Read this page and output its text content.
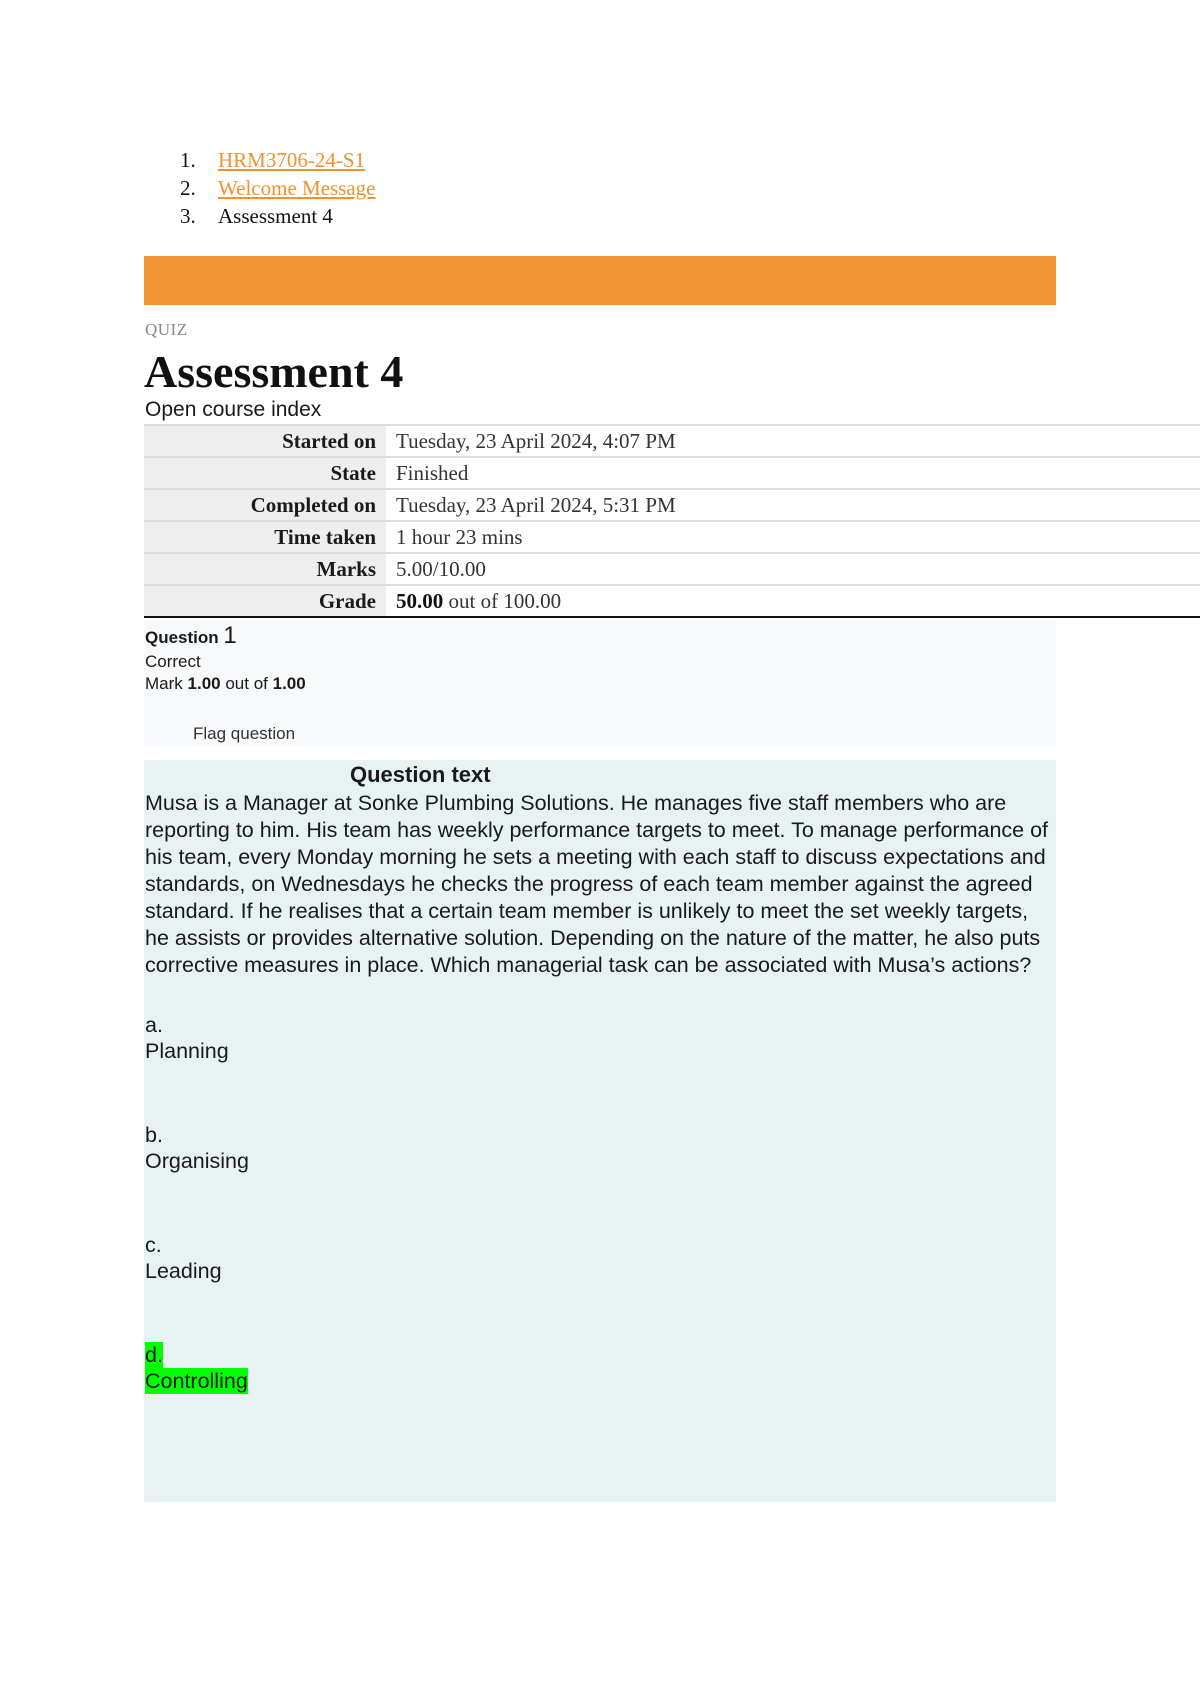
1.	HRM3706-24-S1
2.	Welcome Message
3.	Assessment 4
QUIZ
Assessment 4
Open course index
Started on	Tuesday, 23 April 2024, 4:07 PM
State	Finished
Completed on	Tuesday, 23 April 2024, 5:31 PM
Time taken	1 hour 23 mins
Marks	5.00/10.00
Grade	50.00 out of 100.00
Question 1
Correct
Mark 1.00 out of 1.00
Flag question
Question text

Musa is a Manager at Sonke Plumbing Solutions. He manages five staff members who are reporting to him. His team has weekly performance targets to meet. To manage performance of his team, every Monday morning he sets a meeting with each staff to discuss expectations and standards, on Wednesdays he checks the progress of each team member against the agreed standard. If he realises that a certain team member is unlikely to meet the set weekly targets, he assists or provides alternative solution. Depending on the nature of the matter, he also puts corrective measures in place. Which managerial task can be associated with Musa’s actions?

a.
Planning
b.
Organising
c.
Leading
d.
Controlling
